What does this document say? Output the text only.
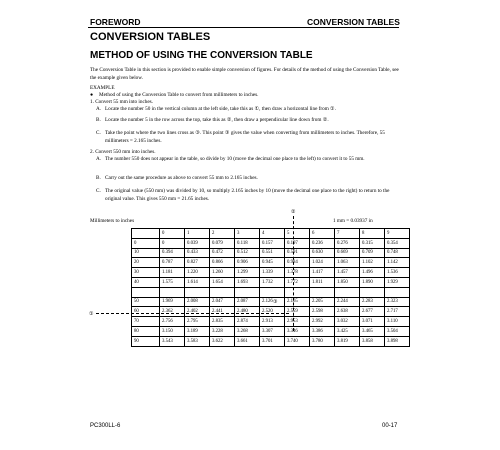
FOREWORD	CONVERSION TABLES
CONVERSION TABLES
METHOD OF USING THE CONVERSION TABLE
The Conversion Table in this section is provided to enable simple conversion of figures. For details of the method of using the Conversion Table, see the example given below.
EXAMPLE
● Method of using the Conversion Table to convert from millimeters to inches.
1. Convert 55 mm into inches.
A. Locate the number 50 in the vertical column at the left side, take this as ①, then draw a horizontal line from ①.
B. Locate the number 5 in the row across the top, take this as ②, then draw a perpendicular line down from ②.
C. Take the point where the two lines cross as ③. This point ③ gives the value when converting from millimeters to inches. Therefore, 55 millimeters = 2.165 inches.
2. Convert 550 mm into inches.
A. The number 550 does not appear in the table, so divide by 10 (move the decimal one place to the left) to convert it to 55 mm.
B. Carry out the same procedure as above to convert 55 mm to 2.165 inches.
C. The original value (550 mm) was divided by 10, so multiply 2.165 inches by 10 (move the decimal one place to the right) to return to the original value. This gives 550 mm = 21.65 inches.
②
Millimeters to inches	1 mm = 0.03937 in
①
③
	0	1	2	3	4	5	6	7	8	9
0	0	0.039	0.079	0.118	0.157	0.197	0.236	0.276	0.315	0.354
10	0.394	0.433	0.472	0.512	0.551	0.591	0.630	0.669	0.709	0.748
20	0.787	0.827	0.866	0.906	0.945	0.984	1.024	1.063	1.102	1.142
30	1.181	1.220	1.260	1.299	1.339	1.378	1.417	1.457	1.496	1.536
40	1.575	1.614	1.654	1.693	1.732	1.772	1.811	1.850	1.890	1.929

50	1.969	2.008	2.047	2.087	2.126	2.165	2.205	2.244	2.283	2.323
60	2.362	2.402	2.441	2.480	2.520	2.559	2.598	2.638	2.677	2.717
70	2.756	2.795	2.835	2.874	2.913	2.953	2.992	3.032	3.071	3.110
80	3.150	3.189	3.228	3.268	3.307	3.346	3.386	3.425	3.465	3.504
90	3.543	3.583	3.622	3.661	3.701	3.740	3.780	3.819	3.858	3.898
PC300LL-6	00-17
